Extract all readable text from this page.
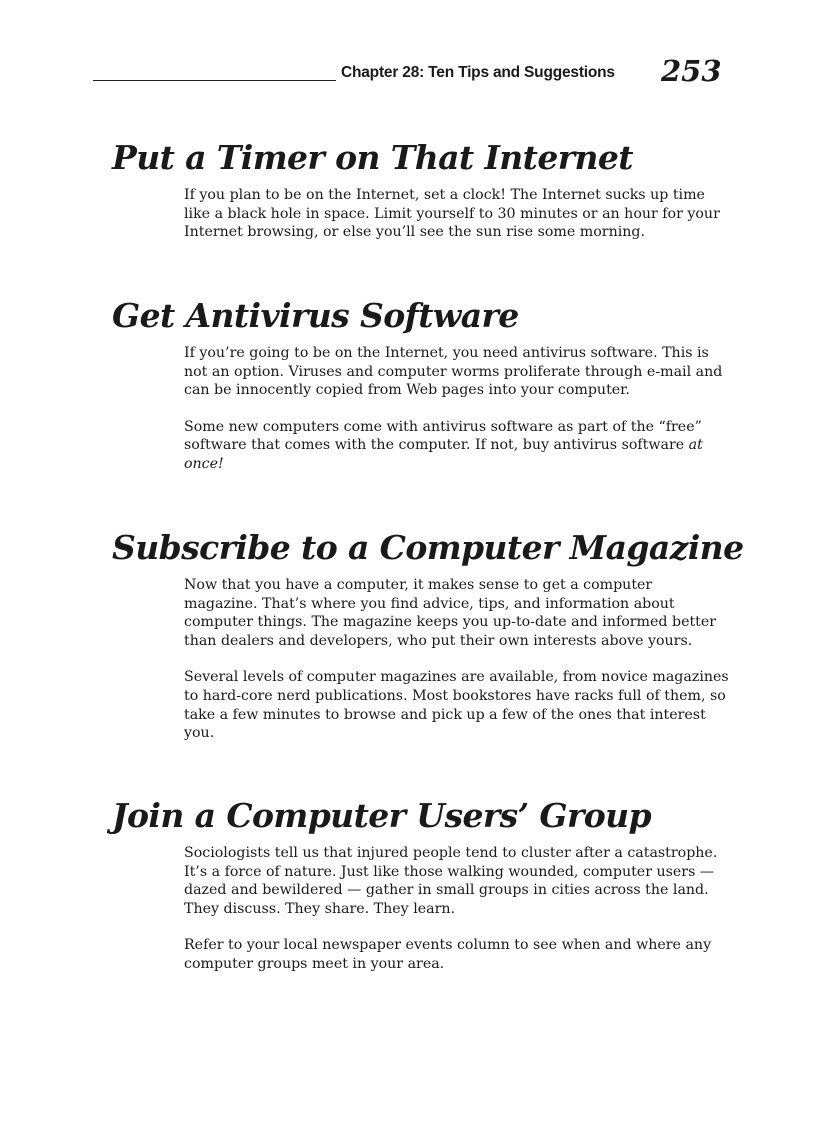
Chapter 28: Ten Tips and Suggestions 253
Put a Timer on That Internet

If you plan to be on the Internet, set a clock! The Internet sucks up time like a black hole in space. Limit yourself to 30 minutes or an hour for your Internet browsing, or else you’ll see the sun rise some morning.

Get Antivirus Software

If you’re going to be on the Internet, you need antivirus software. This is not an option. Viruses and computer worms proliferate through e-mail and can be innocently copied from Web pages into your computer.

Some new computers come with antivirus software as part of the “free” software that comes with the computer. If not, buy antivirus software at once!

Subscribe to a Computer Magazine

Now that you have a computer, it makes sense to get a computer magazine. That’s where you find advice, tips, and information about computer things. The magazine keeps you up-to-date and informed better than dealers and developers, who put their own interests above yours.

Several levels of computer magazines are available, from novice magazines to hard-core nerd publications. Most bookstores have racks full of them, so take a few minutes to browse and pick up a few of the ones that interest you.

Join a Computer Users’ Group

Sociologists tell us that injured people tend to cluster after a catastrophe. It’s a force of nature. Just like those walking wounded, computer users — dazed and bewildered — gather in small groups in cities across the land. They discuss. They share. They learn.

Refer to your local newspaper events column to see when and where any computer groups meet in your area.
